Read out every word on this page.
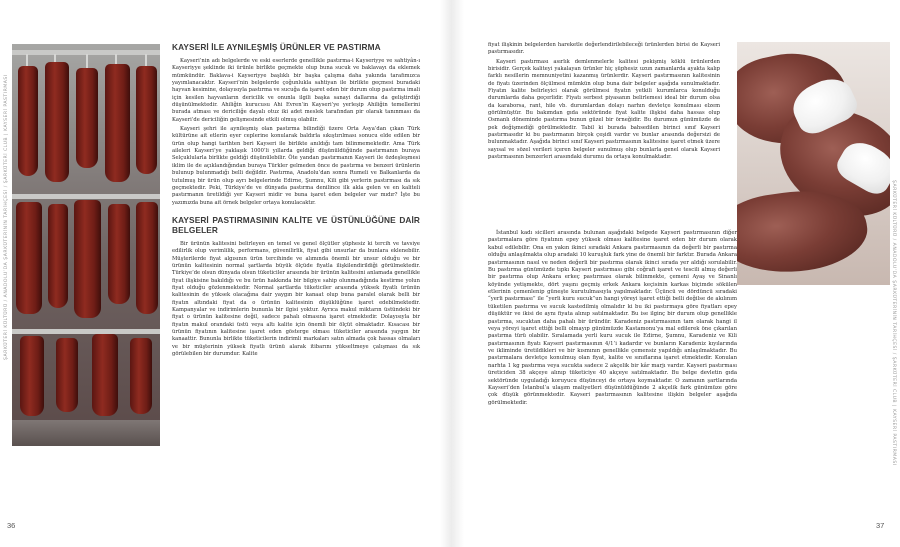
ŞARKÜTERİ KÜLTÜRÜ / ANADOLU’DA ŞARKÜTERİNİN TARİHÇESİ / ŞARKÜTERİ CLUB | KAYSERİ PASTIRMASI
KAYSERİ İLE AYNILEŞMİŞ ÜRÜNLER VE PASTIRMA

Kayseri’nin adı belgelerde ve eski eserlerde genellikle pastırma-i Kayseriyye ve sahtiyân-ı Kayseriyye şeklinde iki ürünle birlikte geçmekte olup buna sucuk ve baklavayı da eklemek mümkündür. Baklava-i Kayseriyye başlıklı bir başka çalışma daha yakında tarafımızca yayımlanacaktır. Kayseri’nin belgelerde çoğunlukla sahtiyan ile birlikte geçmesi buradaki hayvan kesimine, dolayısıyla pastırma ve sucuğa da işaret eden bir durum olup pastırma imali için kesilen hayvanların dericilik ve onunla ilgili başka sanayi dallarına da geliştirdiği düşünülmektedir. Ahiliğin kurucusu Ahi Evren’in Kayseri’ye yerleşip Ahiliğin temellerini burada atması ve dericiliğe dayalı otuz iki adet meslek tarafından pir olarak tanınması da Kayseri’de dericiliğin gelişmesinde etkili olmuş olabilir.

Kayseri şehri ile aynileşmiş olan pastırma bilindiği üzere Orta Asya’dan çıkan Türk kültürüne ait etlerin eyer ceplerine konularak baldırla sıkıştırılması sonucu elde edilen bir ürün olup hangi tarihten beri Kayseri ile birlikte anıldığı tam bilinmemektedir. Ama Türk aileleri Kayseri’ye yaklaşık 1000’li yıllarda geldiği düşünüldüğünde pastırmanın buraya Selçuklularla birlikte geldiği düşünülebilir. Öte yandan pastırmanın Kayseri ile özdeşleşmesi iklim ile de açıklandığından buraya Türkler gelmeden önce de pastırma ve benzeri ürünlerin bulunup bulunmadığı belli değildir. Pastırma, Anadolu’dan sonra Rumeli ve Balkanlarda da tutulmuş bir ürün olup ayrı belgelerinde Edirne, Şumnu, Kili gibi yerlerin pastırması da sık geçmektedir. Peki, Türkiye’de ve dünyada pastırma denilince ilk akla gelen ve en kaliteli pastırmanın üretildiği yer Kayseri midir ve buna işaret eden belgeler var mıdır? İşte bu yazımızda buna ait örnek belgeler ortaya konulacaktır.

KAYSERİ PASTIRMASININ KALİTE VE ÜSTÜNLÜĞÜNE DAİR BELGELER

Bir ürünün kalitesini belirleyen en temel ve genel ölçütler şüphesiz ki tercih ve tavsiye edilirlik olup verimlilik, performans, güvenilirlik, fiyat gibi unsurlar da bunlara eklenebilir. Müşterilerde fiyat algısının ürün tercihinde ve alımında önemli bir unsur olduğu ve bir ürünün kalitesinin normal şartlarda büyük ölçüde fiyatla ilişkilendirildiği görülmektedir. Türkiye’de olsun dünyada olsun tüketiciler arasında bir ürünün kalitesini anlamada genellikle fiyat ilişkisine bakıldığı ve bu ürün hakkında bir bilgiye sahip olunmadığında kestirme yolun fiyat olduğu gözlenmektedir. Normal şartlarda tüketiciler arasında yüksek fiyatlı ürünün kalitesinin de yüksek olacağına dair yaygın bir kanaat olup buna paralel olarak belli bir fiyatın altındaki fiyat da o ürünün kalitesinin düşüklüğüne işaret edebilmektedir. Kampanyalar ve indirimlerin bununla bir ilgisi yoktur. Ayrıca makul miktarın üstündeki bir fiyat o ürünün kalitesine değil, sadece pahalı olmasına işaret etmektedir. Dolayısıyla bir fiyatın makul orandaki üstü veya altı kalite için önemli bir ölçüt olmaktadır. Kısacası bir ürünün fiyatının kalitesine işaret eden gösterge olması tüketiciler arasında yaygın bir kanaattir. Bununla birlikte tüketicilerin indirimli markaları satın almada çok hassas olmaları ve bir müşterinin yüksek fiyatlı ürünü alarak itibarını yükseltmeye çalışması da sık görülebilen bir durumdur. Kalite

36

fiyat ilişkinin belgelerden hareketle değerlendirilebileceği ürünlerden birisi de Kayseri pastırmasıdır.

Kayseri pastırması asırlık demlenmelerle kalitesi pekişmiş köklü ürünlerden birisidir. Gerçek kaliteyi yakalayan ürünler hiç şüphesiz uzun zamanlarda ayakta kalıp farklı nesillerin memnuniyetini kazanmış ürünlerdir. Kayseri pastırmasının kalitesinin de fiyatı üzerinden ölçülmesi mümkün olup buna dair belgeler aşağıda sunulmaktadır. Fiyatın kalite belirleyici olarak görülmesi fiyatın yetkili kurumlarca konulduğu durumlarda daha geçerlidir. Fiyatı serbest piyasanın belirlemesi ideal bir durum olsa da karaborsa, rant, hile vb. durumlardan dolayı narhın devletçe konulması elzem görülmüştür. Bu bakımdan gıda sektöründe fiyat kalite ilişkisi daha hassas olup Osmanlı döneminde pastırma bunun güzel bir örneğidir. Bu durumun günümüzde de pek değişmediği görülmektedir. Tabil ki burada bahsedilen birinci sınıf Kayseri pastırmasıdır ki bu pastırmanın birçok çeşidi vardır ve bunlar arasında değersizi de bulunmaktadır. Aşağıda birinci sınıf Kayseri pastırmasının kalitesine işaret etmek üzere sayısal ve sözel verileri içeren belgeler sunulmuş olup bunlarla genel olarak Kayseri pastırmasının benzerleri arasındaki durumu da ortaya konulmaktadır.

İstanbul kadı sicilleri arasında bulunan aşağıdaki belgede Kayseri pastırmasının diğer pastırmalara göre fiyatının epey yüksek olması kalitesine işaret eden bir durum olarak kabul edilebilir. Ona en yakın ikinci sıradaki Ankara pastırmasının da değerli bir pastırma olduğu anlaşılmakta olup aradaki 10 kuruşluk fark yine de önemli bir farktır. Burada Ankara pastırmasının nasıl ve neden değerli bir pastırma olarak ikinci sırada yer aldığı sorulabilir. Bu pastırma günümüzde tıpkı Kayseri pastırması gibi coğrafi işaret ve tescili almış değerli bir pastırma olup Ankara erkeç pastırması olarak bilinmekte, çemeni Ayaş ve Sinanlı köyünde yetişmekte, dört yaşını geçmiş erkek Ankara keçisinin karkas biçimde sökülen etlerinin çemenlenip güneşte kurutulmasıyla yapılmaktadır. Üçüncü ve dördüncü sıradaki “yerli pastırması” ile “yerli kuru sucuk”un hangi yöreyi işaret ettiği belli değilse de akılınım tüketilen pastırma ve sucuk kastedilmiş olmalıdır ki bu iki pastırmaya göre fiyatları epey düşüktür ve ikisi de aynı fiyata alınıp satılmaktadır. Bu ise ilginç bir durum olup genellikle pastırma, sucuktan daha pahalı bir üründür. Karadeniz pastırmasının tam olarak hangi il veya yöreyi işaret ettiği belli olmayıp günümüzde Kastamonu’ya mal edilerek öne çıkarılan pastırma türü olabilir. Sıralamada yerli kuru sucuk ile Edirne, Şumnu, Karadeniz ve Kili pastırmasının fiyatı Kayseri pastırmasının 4/1’i kadardır ve bunların Karadeniz kıyılarında ve ikliminde üretildikleri ve bir kısmının genellikle çemensiz yapıldığı anlaşılmaktadır. Bu pastırmalara devletçe konulmuş olan fiyat, kalite ve sınıflarına işaret etmektedir. Konulan narhta 1 kg pastırma veya sucukta sadece 2 akçelik bir kâr marjı vardır. Kayseri pastırması üreticiden 38 akçeye alınıp tüketiciye 40 akçeye satılmaktadır. Bu belge devletin gıda sektöründe uyguladığı koruyucu düşünceyi de ortaya koymaktadır. O zamanın şartlarında Kayseri’den İstanbul’a ulaşım maliyetleri düşünüldüğünde 2 akçelik fark günümüze göre çok düşük görünmektedir. Kayseri pastırmasının kalitesine ilişkin belgeler aşağıda görülmektedir.	ŞARKÜTERİ KÜLTÜRÜ / ANADOLU’DA ŞARKÜTERİNİN TARİHÇESİ / ŞARKÜTERİ CLUB | KAYSERİ PASTIRMASI
37
